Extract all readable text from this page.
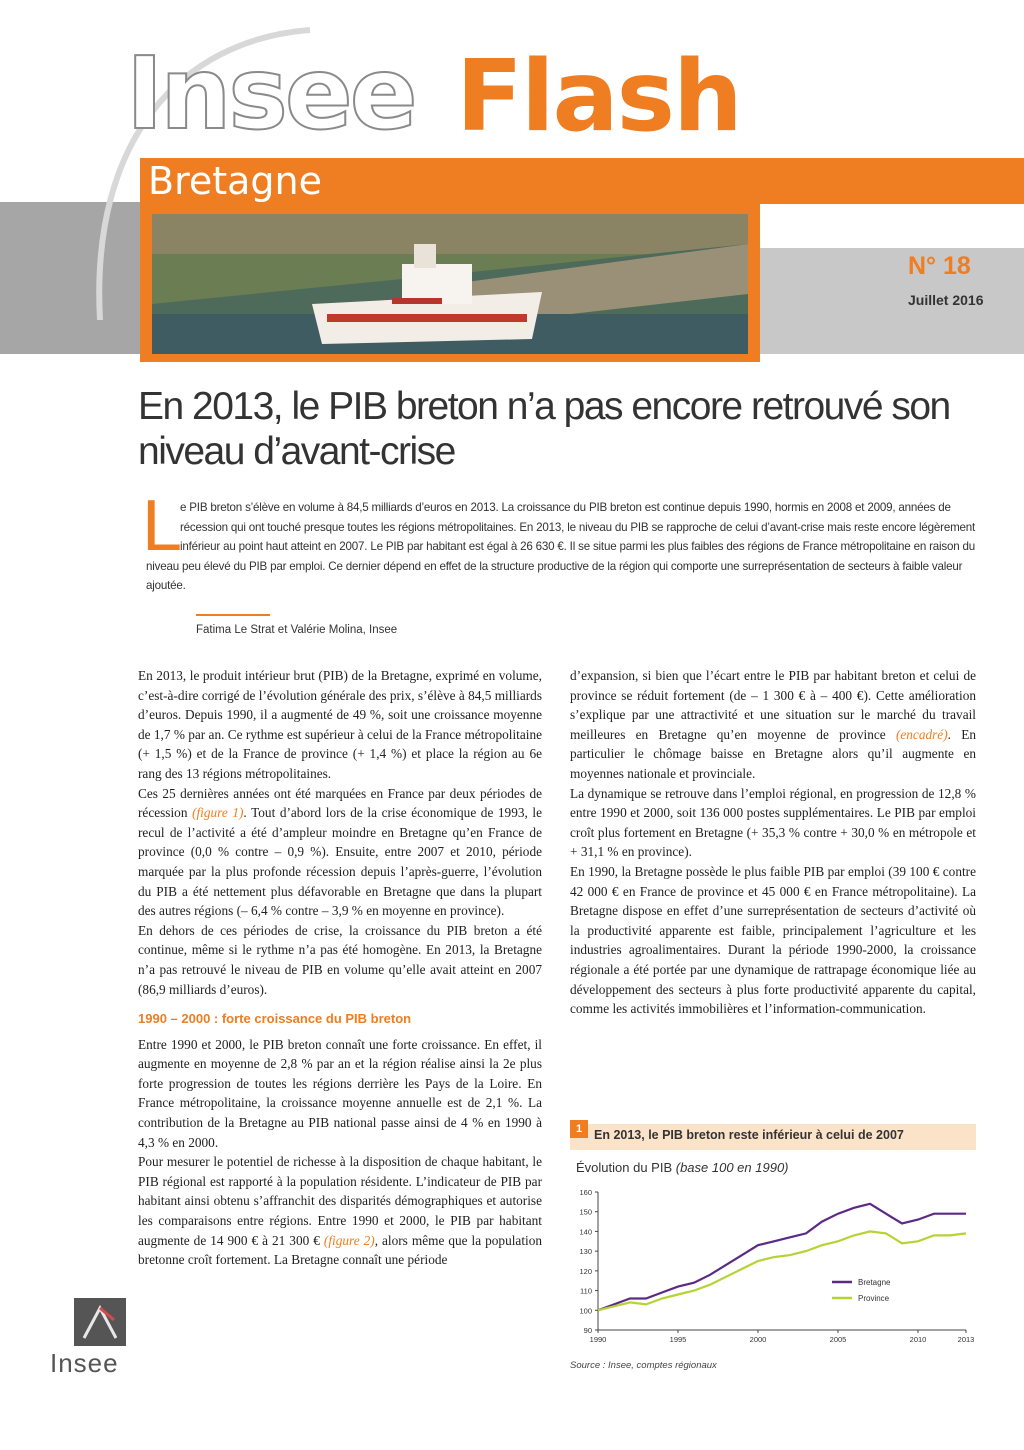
Insee Flash
Bretagne
N° 18
Juillet 2016
En 2013, le PIB breton n’a pas encore retrouvé son niveau d’avant-crise
L
e PIB breton s’élève en volume à 84,5 milliards d’euros en 2013. La croissance du PIB breton est continue depuis 1990, hormis en 2008 et 2009, années de récession qui ont touché presque toutes les régions métropolitaines. En 2013, le niveau du PIB se rapproche de celui d’avant-crise mais reste encore légèrement inférieur au point haut atteint en 2007. Le PIB par habitant est égal à 26 630 €. Il se situe parmi les plus faibles des régions de France métropolitaine en raison du niveau peu élevé du PIB par emploi. Ce dernier dépend en effet de la structure productive de la région qui comporte une surreprésentation de secteurs à faible valeur ajoutée.
Fatima Le Strat et Valérie Molina, Insee

En 2013, le produit intérieur brut (PIB) de la Bretagne, exprimé en volume, c’est-à-dire corrigé de l’évolution générale des prix, s’élève à 84,5 milliards d’euros. Depuis 1990, il a augmenté de 49 %, soit une croissance moyenne de 1,7 % par an. Ce rythme est supérieur à celui de la France métropolitaine (+ 1,5 %) et de la France de province (+ 1,4 %) et place la région au 6e rang des 13 régions métropolitaines.

Ces 25 dernières années ont été marquées en France par deux périodes de récession (figure 1). Tout d’abord lors de la crise économique de 1993, le recul de l’activité a été d’ampleur moindre en Bretagne qu’en France de province (0,0 % contre – 0,9 %). Ensuite, entre 2007 et 2010, période marquée par la plus profonde récession depuis l’après-guerre, l’évolution du PIB a été nettement plus défavorable en Bretagne que dans la plupart des autres régions (– 6,4 % contre – 3,9 % en moyenne en province).

En dehors de ces périodes de crise, la croissance du PIB breton a été continue, même si le rythme n’a pas été homogène. En 2013, la Bretagne n’a pas retrouvé le niveau de PIB en volume qu’elle avait atteint en 2007 (86,9 milliards d’euros).

1990 – 2000 : forte croissance du PIB breton

Entre 1990 et 2000, le PIB breton connaît une forte croissance. En effet, il augmente en moyenne de 2,8 % par an et la région réalise ainsi la 2e plus forte progression de toutes les régions derrière les Pays de la Loire. En France métropolitaine, la croissance moyenne annuelle est de 2,1 %. La contribution de la Bretagne au PIB national passe ainsi de 4 % en 1990 à 4,3 % en 2000.

Pour mesurer le potentiel de richesse à la disposition de chaque habitant, le PIB régional est rapporté à la population résidente. L’indicateur de PIB par habitant ainsi obtenu s’affranchit des disparités démographiques et autorise les comparaisons entre régions. Entre 1990 et 2000, le PIB par habitant augmente de 14 900 € à 21 300 € (figure 2), alors même que la population bretonne croît fortement. La Bretagne connaît une période

d’expansion, si bien que l’écart entre le PIB par habitant breton et celui de province se réduit fortement (de – 1 300 € à – 400 €). Cette amélioration s’explique par une attractivité et une situation sur le marché du travail meilleures en Bretagne qu’en moyenne de province (encadré). En particulier le chômage baisse en Bretagne alors qu’il augmente en moyennes nationale et provinciale.

La dynamique se retrouve dans l’emploi régional, en progression de 12,8 % entre 1990 et 2000, soit 136 000 postes supplémentaires. Le PIB par emploi croît plus fortement en Bretagne (+ 35,3 % contre + 30,0 % en métropole et + 31,1 % en province).

En 1990, la Bretagne possède le plus faible PIB par emploi (39 100 € contre 42 000 € en France de province et 45 000 € en France métropolitaine). La Bretagne dispose en effet d’une surreprésentation de secteurs d’activité où la productivité apparente est faible, principalement l’agriculture et les industries agroalimentaires. Durant la période 1990-2000, la croissance régionale a été portée par une dynamique de rattrapage économique liée au développement des secteurs à plus forte productivité apparente du capital, comme les activités immobilières et l’information-communication.

1 En 2013, le PIB breton reste inférieur à celui de 2007
Évolution du PIB (base 100 en 1990)
90
100
110
120
130
140
150
160
1990	1995	2000	2005	2010	2013
Bretagne
Province
Source : Insee, comptes régionaux
Insee
